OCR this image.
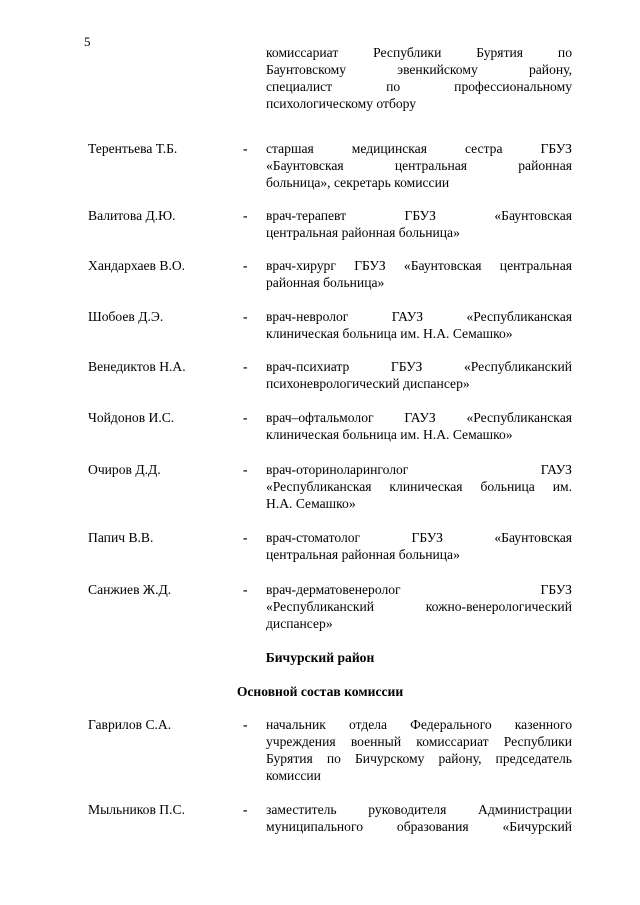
5
комиссариат Республики Бурятия по
Баунтовскому эвенкийскому району,
специалист по профессиональному
психологическому отбору
Терентьева Т.Б.	- старшая медицинская сестра ГБУЗ
«Баунтовская центральная районная
больница», секретарь комиссии
Валитова Д.Ю.	- врач-терапевт ГБУЗ «Баунтовская
центральная районная больница»
Хандархаев В.О.	- врач-хирург ГБУЗ «Баунтовская центральная
районная больница»
Шобоев Д.Э.	- врач-невролог ГАУЗ «Республиканская
клиническая больница им. Н.А. Семашко»
Венедиктов Н.А.	- врач-психиатр ГБУЗ «Республиканский
психоневрологический диспансер»
Чойдонов И.С.	- врач–офтальмолог ГАУЗ «Республиканская
клиническая больница им. Н.А. Семашко»
Очиров Д.Д.	- врач-оториноларинголог ГАУЗ
«Республиканская клиническая больница им.
Н.А. Семашко»
Папич В.В.	- врач-стоматолог ГБУЗ «Баунтовская
центральная районная больница»
Санжиев Ж.Д.	- врач-дерматовенеролог ГБУЗ
«Республиканский кожно-венерологический
диспансер»
Бичурский район
Основной состав комиссии
Гаврилов С.А.	- начальник отдела Федерального казенного
учреждения военный комиссариат Республики
Бурятия по Бичурскому району, председатель
комиссии
Мыльников П.С.	- заместитель руководителя Администрации
муниципального образования «Бичурский
